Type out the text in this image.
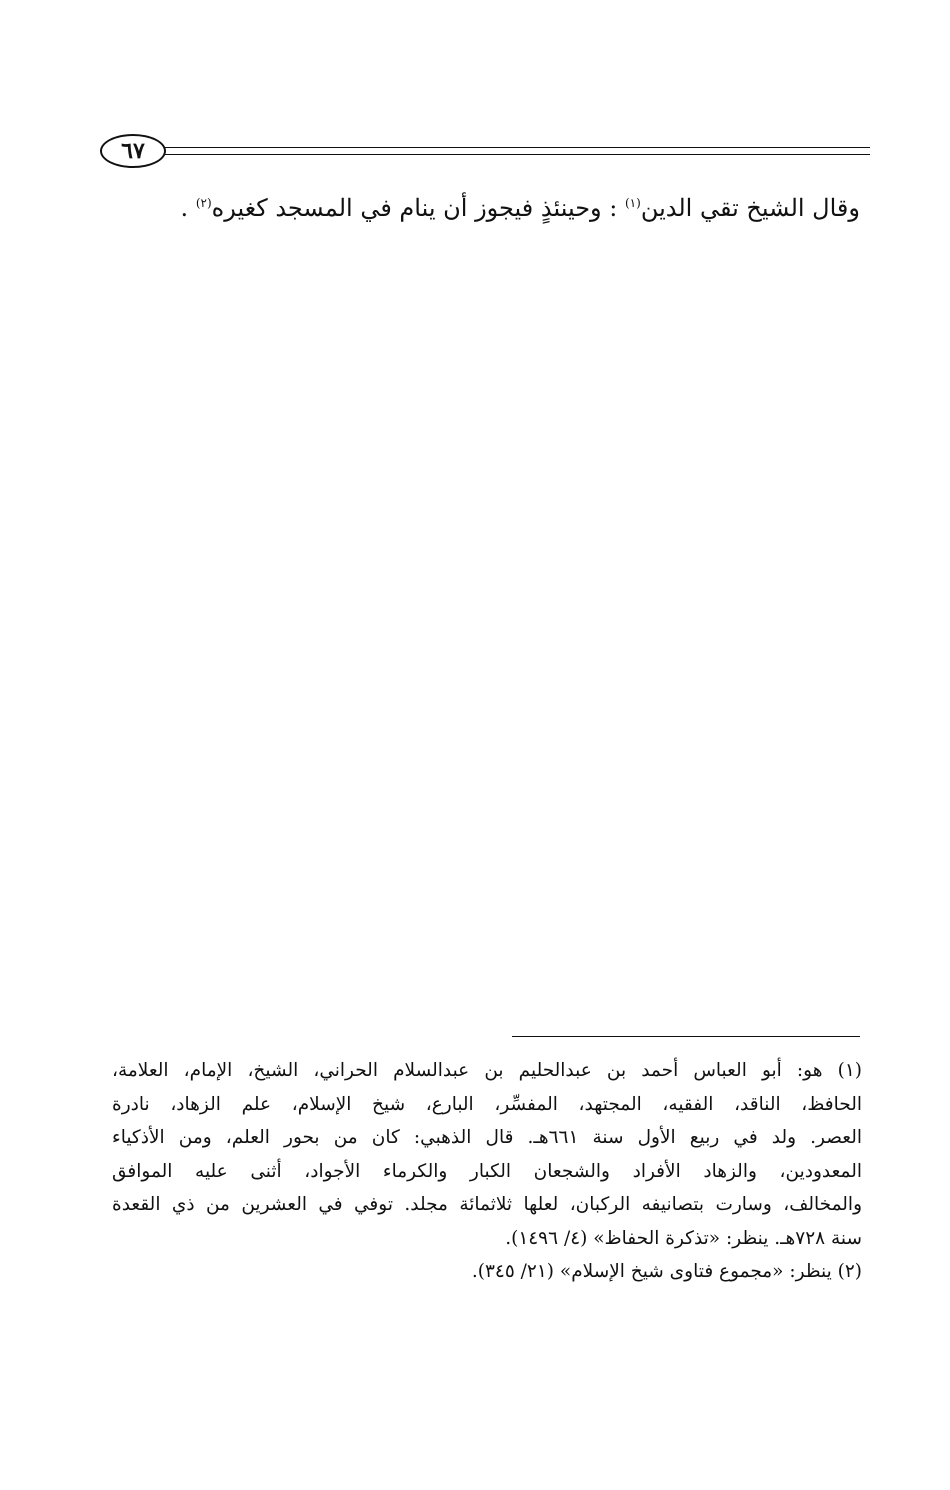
٦٧
وقال الشيخ تقي الدين$^{(١)}$ : وحينئذٍ فيجوز أن ينام في المسجد كغيره$^{(٢)}$ .
(١) هو: أبو العباس أحمد بن عبدالحليم بن عبدالسلام الحراني، الشيخ، الإمام، العلامة،
الحافظ، الناقد، الفقيه، المجتهد، المفسِّر، البارع، شيخ الإسلام، علم الزهاد، نادرة
العصر. ولد في ربيع الأول سنة ٦٦١هـ. قال الذهبي: كان من بحور العلم، ومن الأذكياء
المعدودين، والزهاد الأفراد والشجعان الكبار والكرماء الأجواد، أثنى عليه الموافق
والمخالف، وسارت بتصانيفه الركبان، لعلها ثلاثمائة مجلد. توفي في العشرين من ذي القعدة
سنة ٧٢٨هـ. ينظر: «تذكرة الحفاظ» (٤/ ١٤٩٦).
(٢) ينظر: «مجموع فتاوى شيخ الإسلام» (٢١/ ٣٤٥).
